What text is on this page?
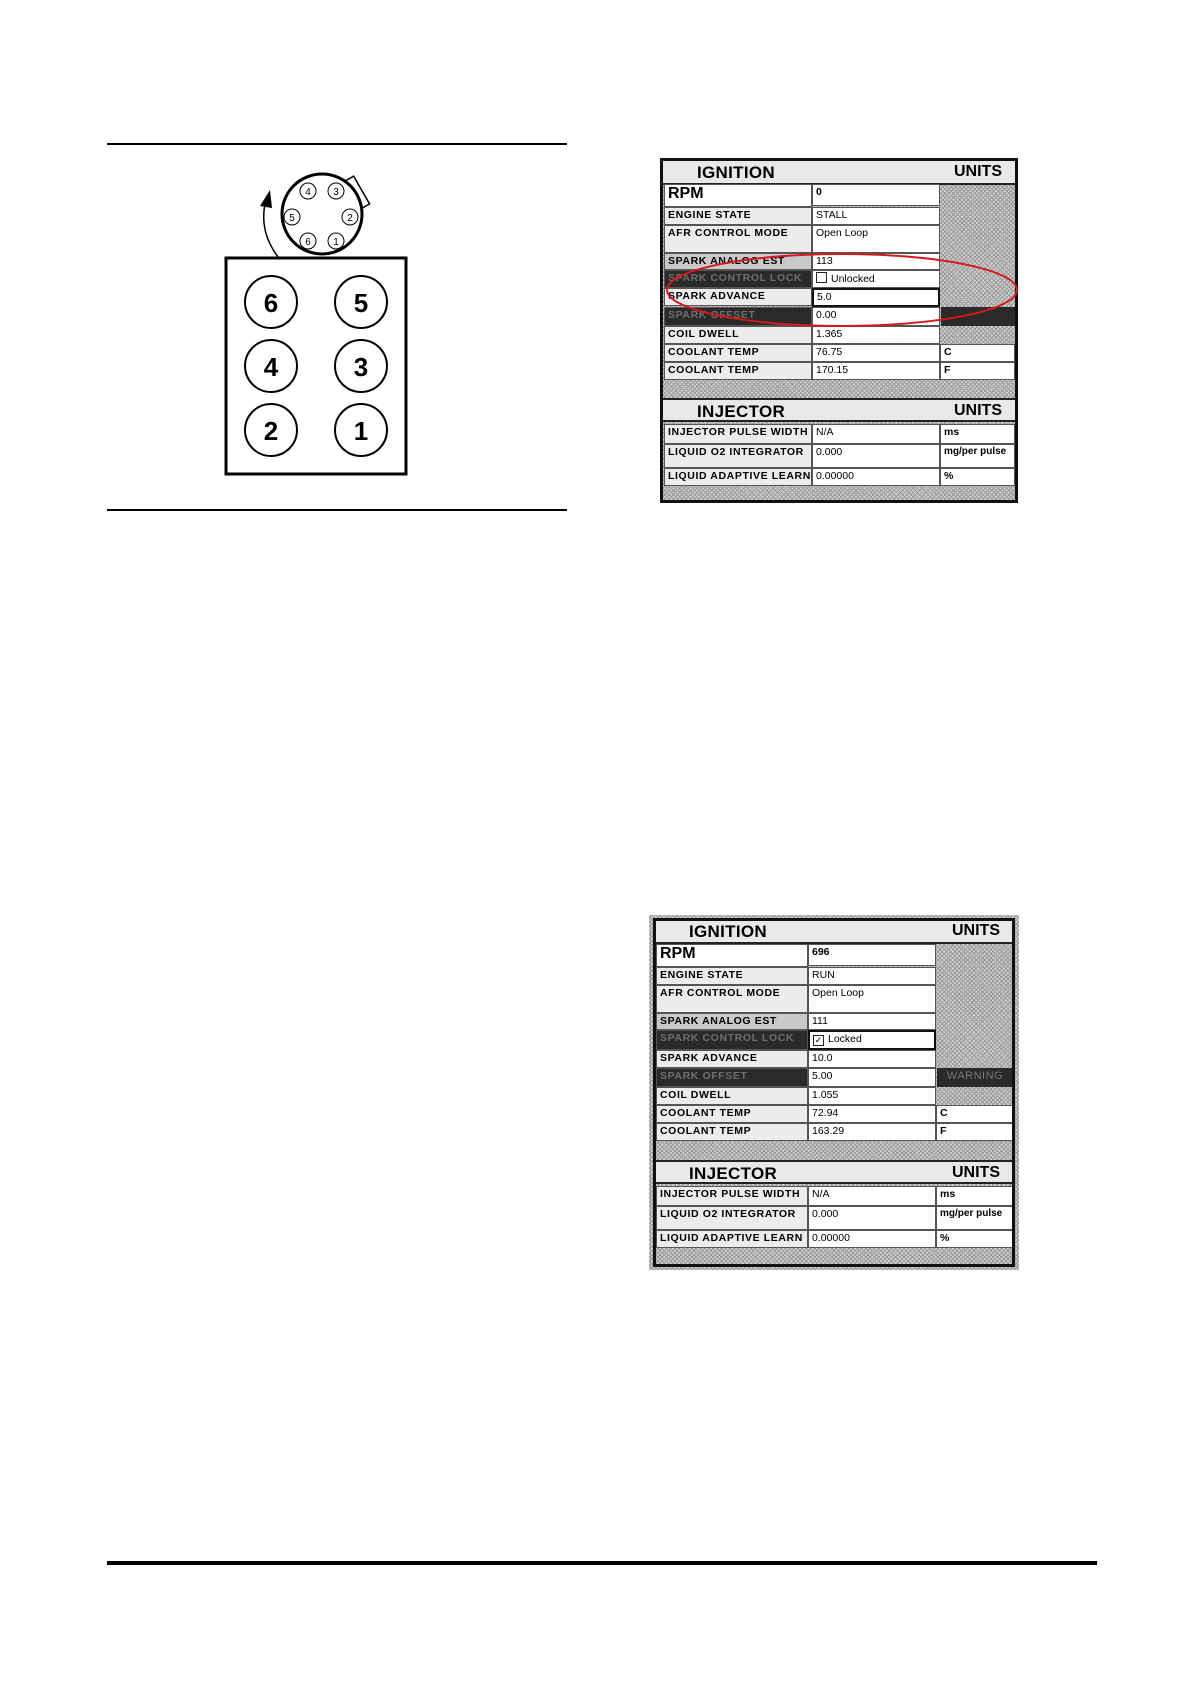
4 3
5	2
6 1
6	5
4	3
2	1
IGNITION	UNITS
RPM	0
ENGINE STATE	STALL
AFR CONTROL MODE	Open Loop
SPARK ANALOG EST	113
SPARK CONTROL LOCK	Unlocked
SPARK ADVANCE	5.0
SPARK OFFSET	0.00
COIL DWELL	1.365
COOLANT TEMP	76.75	C
COOLANT TEMP	170.15	F
INJECTOR	UNITS
INJECTOR PULSE WIDTH N/A	ms
LIQUID O2 INTEGRATOR	0.000	mg/per pulse
LIQUID ADAPTIVE LEARN 0.00000	%
IGNITION	UNITS
RPM	696
ENGINE STATE	RUN
AFR CONTROL MODE	Open Loop
SPARK ANALOG EST	111
SPARK CONTROL LOCK	✓ Locked
SPARK ADVANCE	10.0
SPARK OFFSET	5.00	WARNING
COIL DWELL	1.055
COOLANT TEMP	72.94	C
COOLANT TEMP	163.29	F
INJECTOR	UNITS
INJECTOR PULSE WIDTH	N/A	ms
LIQUID O2 INTEGRATOR	0.000	mg/per pulse
LIQUID ADAPTIVE LEARN 0.00000	%
